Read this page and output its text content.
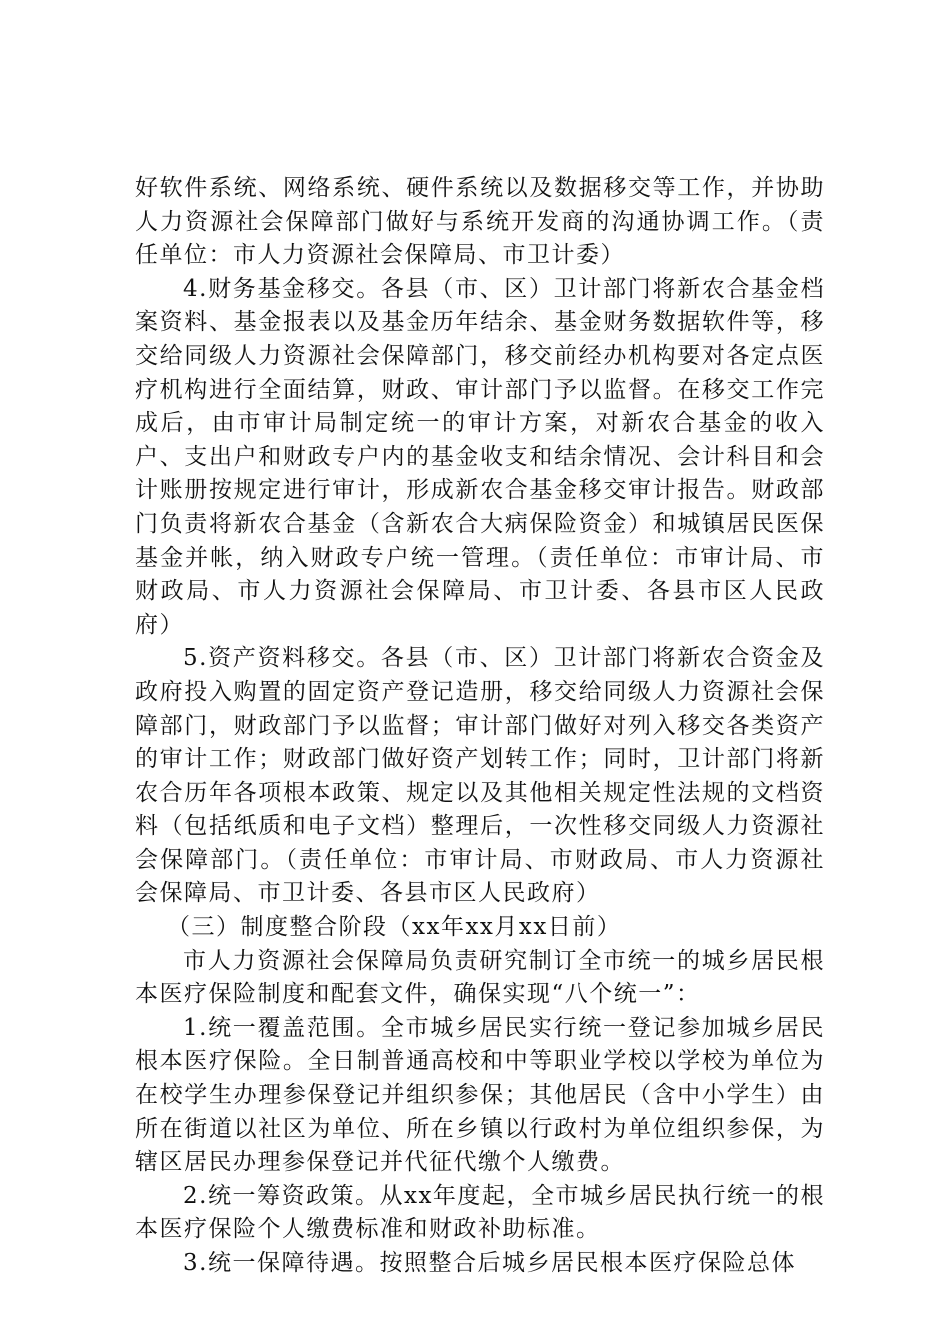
好软件系统、网络系统、硬件系统以及数据移交等工作，并协助人力资源社会保障部门做好与系统开发商的沟通协调工作。（责任单位：市人力资源社会保障局、市卫计委）

4.财务基金移交。各县（市、区）卫计部门将新农合基金档案资料、基金报表以及基金历年结余、基金财务数据软件等，移交给同级人力资源社会保障部门，移交前经办机构要对各定点医疗机构进行全面结算，财政、审计部门予以监督。在移交工作完成后，由市审计局制定统一的审计方案，对新农合基金的收入户、支出户和财政专户内的基金收支和结余情况、会计科目和会计账册按规定进行审计，形成新农合基金移交审计报告。财政部门负责将新农合基金（含新农合大病保险资金）和城镇居民医保基金并帐，纳入财政专户统一管理。（责任单位：市审计局、市财政局、市人力资源社会保障局、市卫计委、各县市区人民政府）

5.资产资料移交。各县（市、区）卫计部门将新农合资金及政府投入购置的固定资产登记造册，移交给同级人力资源社会保障部门，财政部门予以监督；审计部门做好对列入移交各类资产的审计工作；财政部门做好资产划转工作；同时，卫计部门将新农合历年各项根本政策、规定以及其他相关规定性法规的文档资料（包括纸质和电子文档）整理后，一次性移交同级人力资源社会保障部门。（责任单位：市审计局、市财政局、市人力资源社会保障局、市卫计委、各县市区人民政府）

（三）制度整合阶段（xx年xx月xx日前）

市人力资源社会保障局负责研究制订全市统一的城乡居民根本医疗保险制度和配套文件，确保实现“八个统一”：

1.统一覆盖范围。全市城乡居民实行统一登记参加城乡居民根本医疗保险。全日制普通高校和中等职业学校以学校为单位为在校学生办理参保登记并组织参保；其他居民（含中小学生）由所在街道以社区为单位、所在乡镇以行政村为单位组织参保，为辖区居民办理参保登记并代征代缴个人缴费。

2.统一筹资政策。从xx年度起，全市城乡居民执行统一的根本医疗保险个人缴费标准和财政补助标准。

3.统一保障待遇。按照整合后城乡居民根本医疗保险总体
